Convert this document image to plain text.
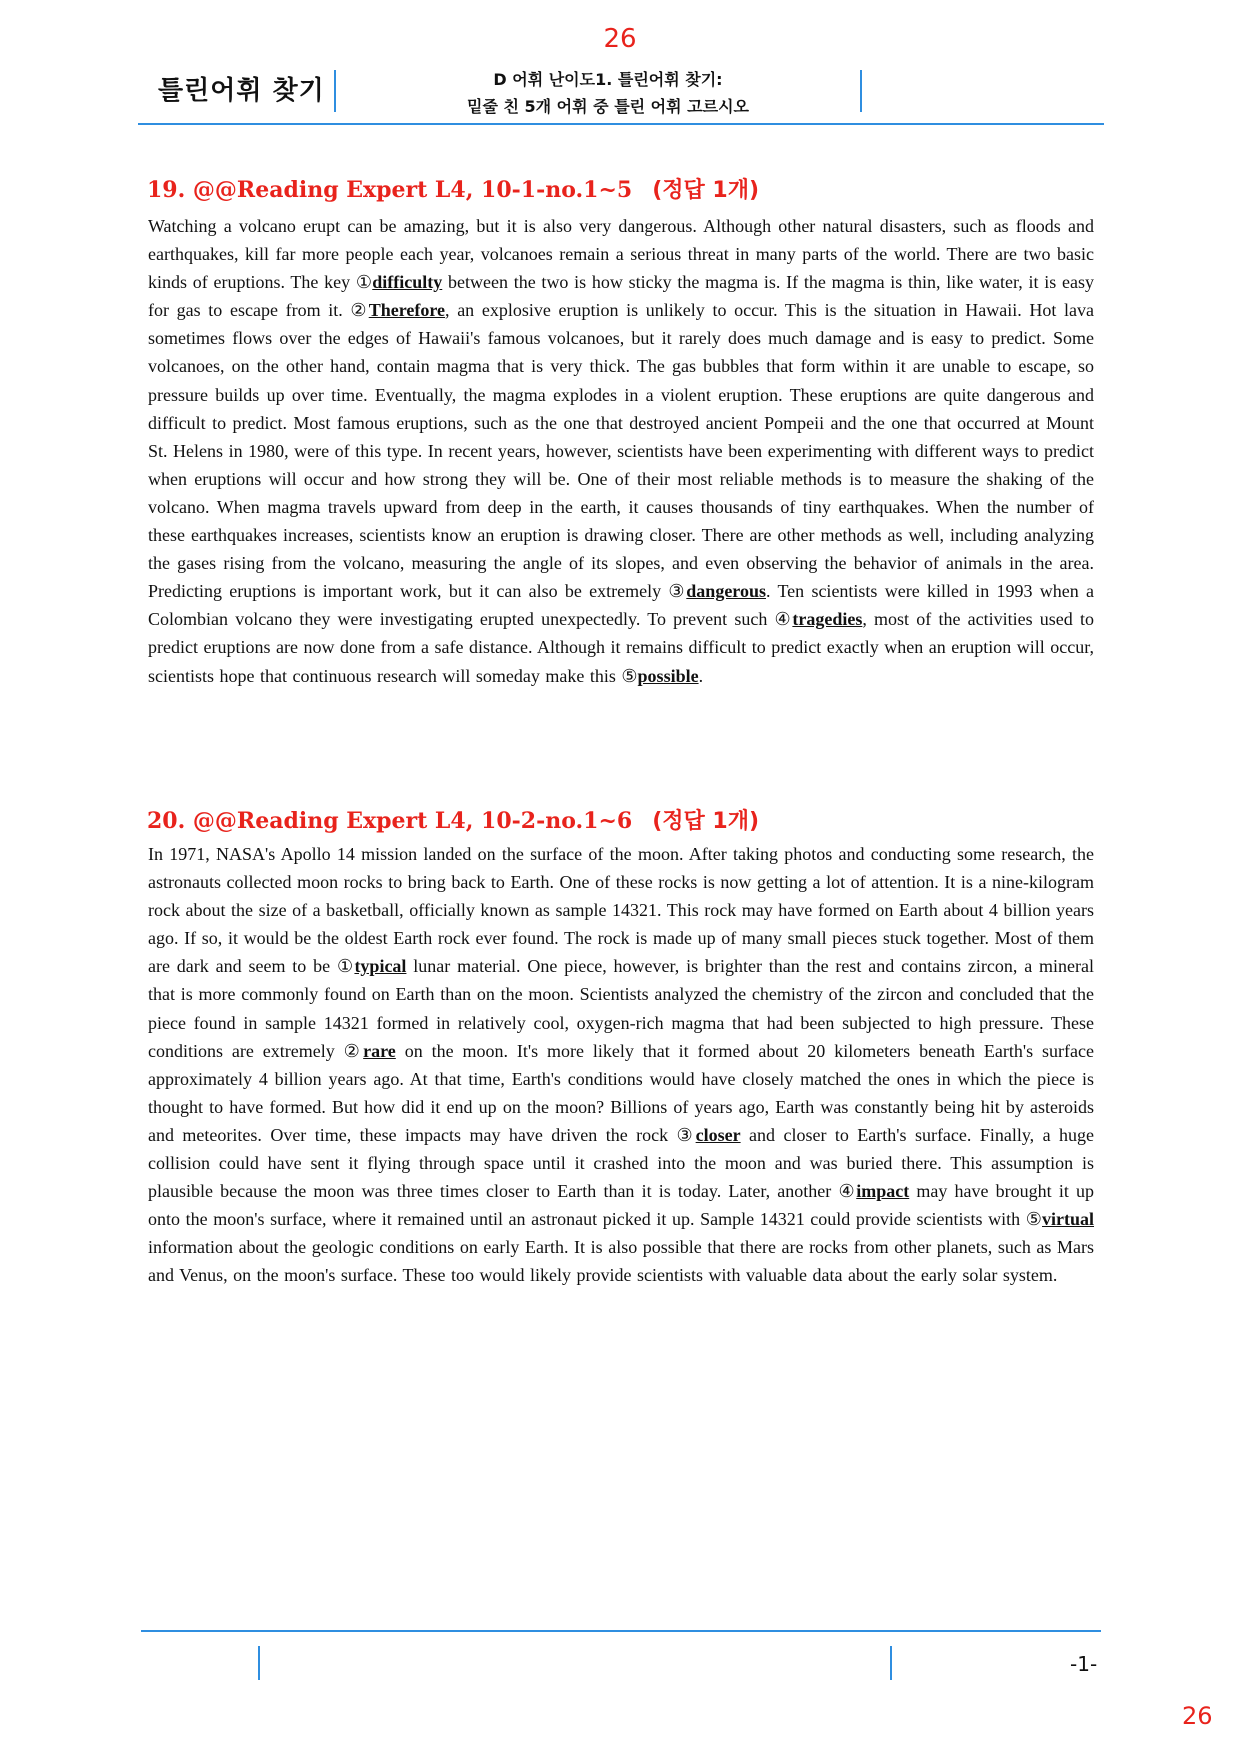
26
틀린어휘 찾기	D 어휘 난이도1. 틀린어휘 찾기:
밑줄 친 5개 어휘 중 틀린 어휘 고르시오
19. @@Reading Expert L4, 10-1-no.1~5 (정답 1개)
Watching a volcano erupt can be amazing, but it is also very dangerous. Although other natural disasters, such as floods and earthquakes, kill far more people each year, volcanoes remain a serious threat in many parts of the world. There are two basic kinds of eruptions. The key ①difficulty between the two is how sticky the magma is. If the magma is thin, like water, it is easy for gas to escape from it. ②Therefore, an explosive eruption is unlikely to occur. This is the situation in Hawaii. Hot lava sometimes flows over the edges of Hawaii's famous volcanoes, but it rarely does much damage and is easy to predict. Some volcanoes, on the other hand, contain magma that is very thick. The gas bubbles that form within it are unable to escape, so pressure builds up over time. Eventually, the magma explodes in a violent eruption. These eruptions are quite dangerous and difficult to predict. Most famous eruptions, such as the one that destroyed ancient Pompeii and the one that occurred at Mount St. Helens in 1980, were of this type. In recent years, however, scientists have been experimenting with different ways to predict when eruptions will occur and how strong they will be. One of their most reliable methods is to measure the shaking of the volcano. When magma travels upward from deep in the earth, it causes thousands of tiny earthquakes. When the number of these earthquakes increases, scientists know an eruption is drawing closer. There are other methods as well, including analyzing the gases rising from the volcano, measuring the angle of its slopes, and even observing the behavior of animals in the area. Predicting eruptions is important work, but it can also be extremely ③dangerous. Ten scientists were killed in 1993 when a Colombian volcano they were investigating erupted unexpectedly. To prevent such ④tragedies, most of the activities used to predict eruptions are now done from a safe distance. Although it remains difficult to predict exactly when an eruption will occur, scientists hope that continuous research will someday make this ⑤possible.
20. @@Reading Expert L4, 10-2-no.1~6 (정답 1개)
In 1971, NASA's Apollo 14 mission landed on the surface of the moon. After taking photos and conducting some research, the astronauts collected moon rocks to bring back to Earth. One of these rocks is now getting a lot of attention. It is a nine-kilogram rock about the size of a basketball, officially known as sample 14321. This rock may have formed on Earth about 4 billion years ago. If so, it would be the oldest Earth rock ever found. The rock is made up of many small pieces stuck together. Most of them are dark and seem to be ①typical lunar material. One piece, however, is brighter than the rest and contains zircon, a mineral that is more commonly found on Earth than on the moon. Scientists analyzed the chemistry of the zircon and concluded that the piece found in sample 14321 formed in relatively cool, oxygen-rich magma that had been subjected to high pressure. These conditions are extremely ②rare on the moon. It's more likely that it formed about 20 kilometers beneath Earth's surface approximately 4 billion years ago. At that time, Earth's conditions would have closely matched the ones in which the piece is thought to have formed. But how did it end up on the moon? Billions of years ago, Earth was constantly being hit by asteroids and meteorites. Over time, these impacts may have driven the rock ③closer and closer to Earth's surface. Finally, a huge collision could have sent it flying through space until it crashed into the moon and was buried there. This assumption is plausible because the moon was three times closer to Earth than it is today. Later, another ④impact may have brought it up onto the moon's surface, where it remained until an astronaut picked it up. Sample 14321 could provide scientists with ⑤virtual information about the geologic conditions on early Earth. It is also possible that there are rocks from other planets, such as Mars and Venus, on the moon's surface. These too would likely provide scientists with valuable data about the early solar system.
-1-
26
